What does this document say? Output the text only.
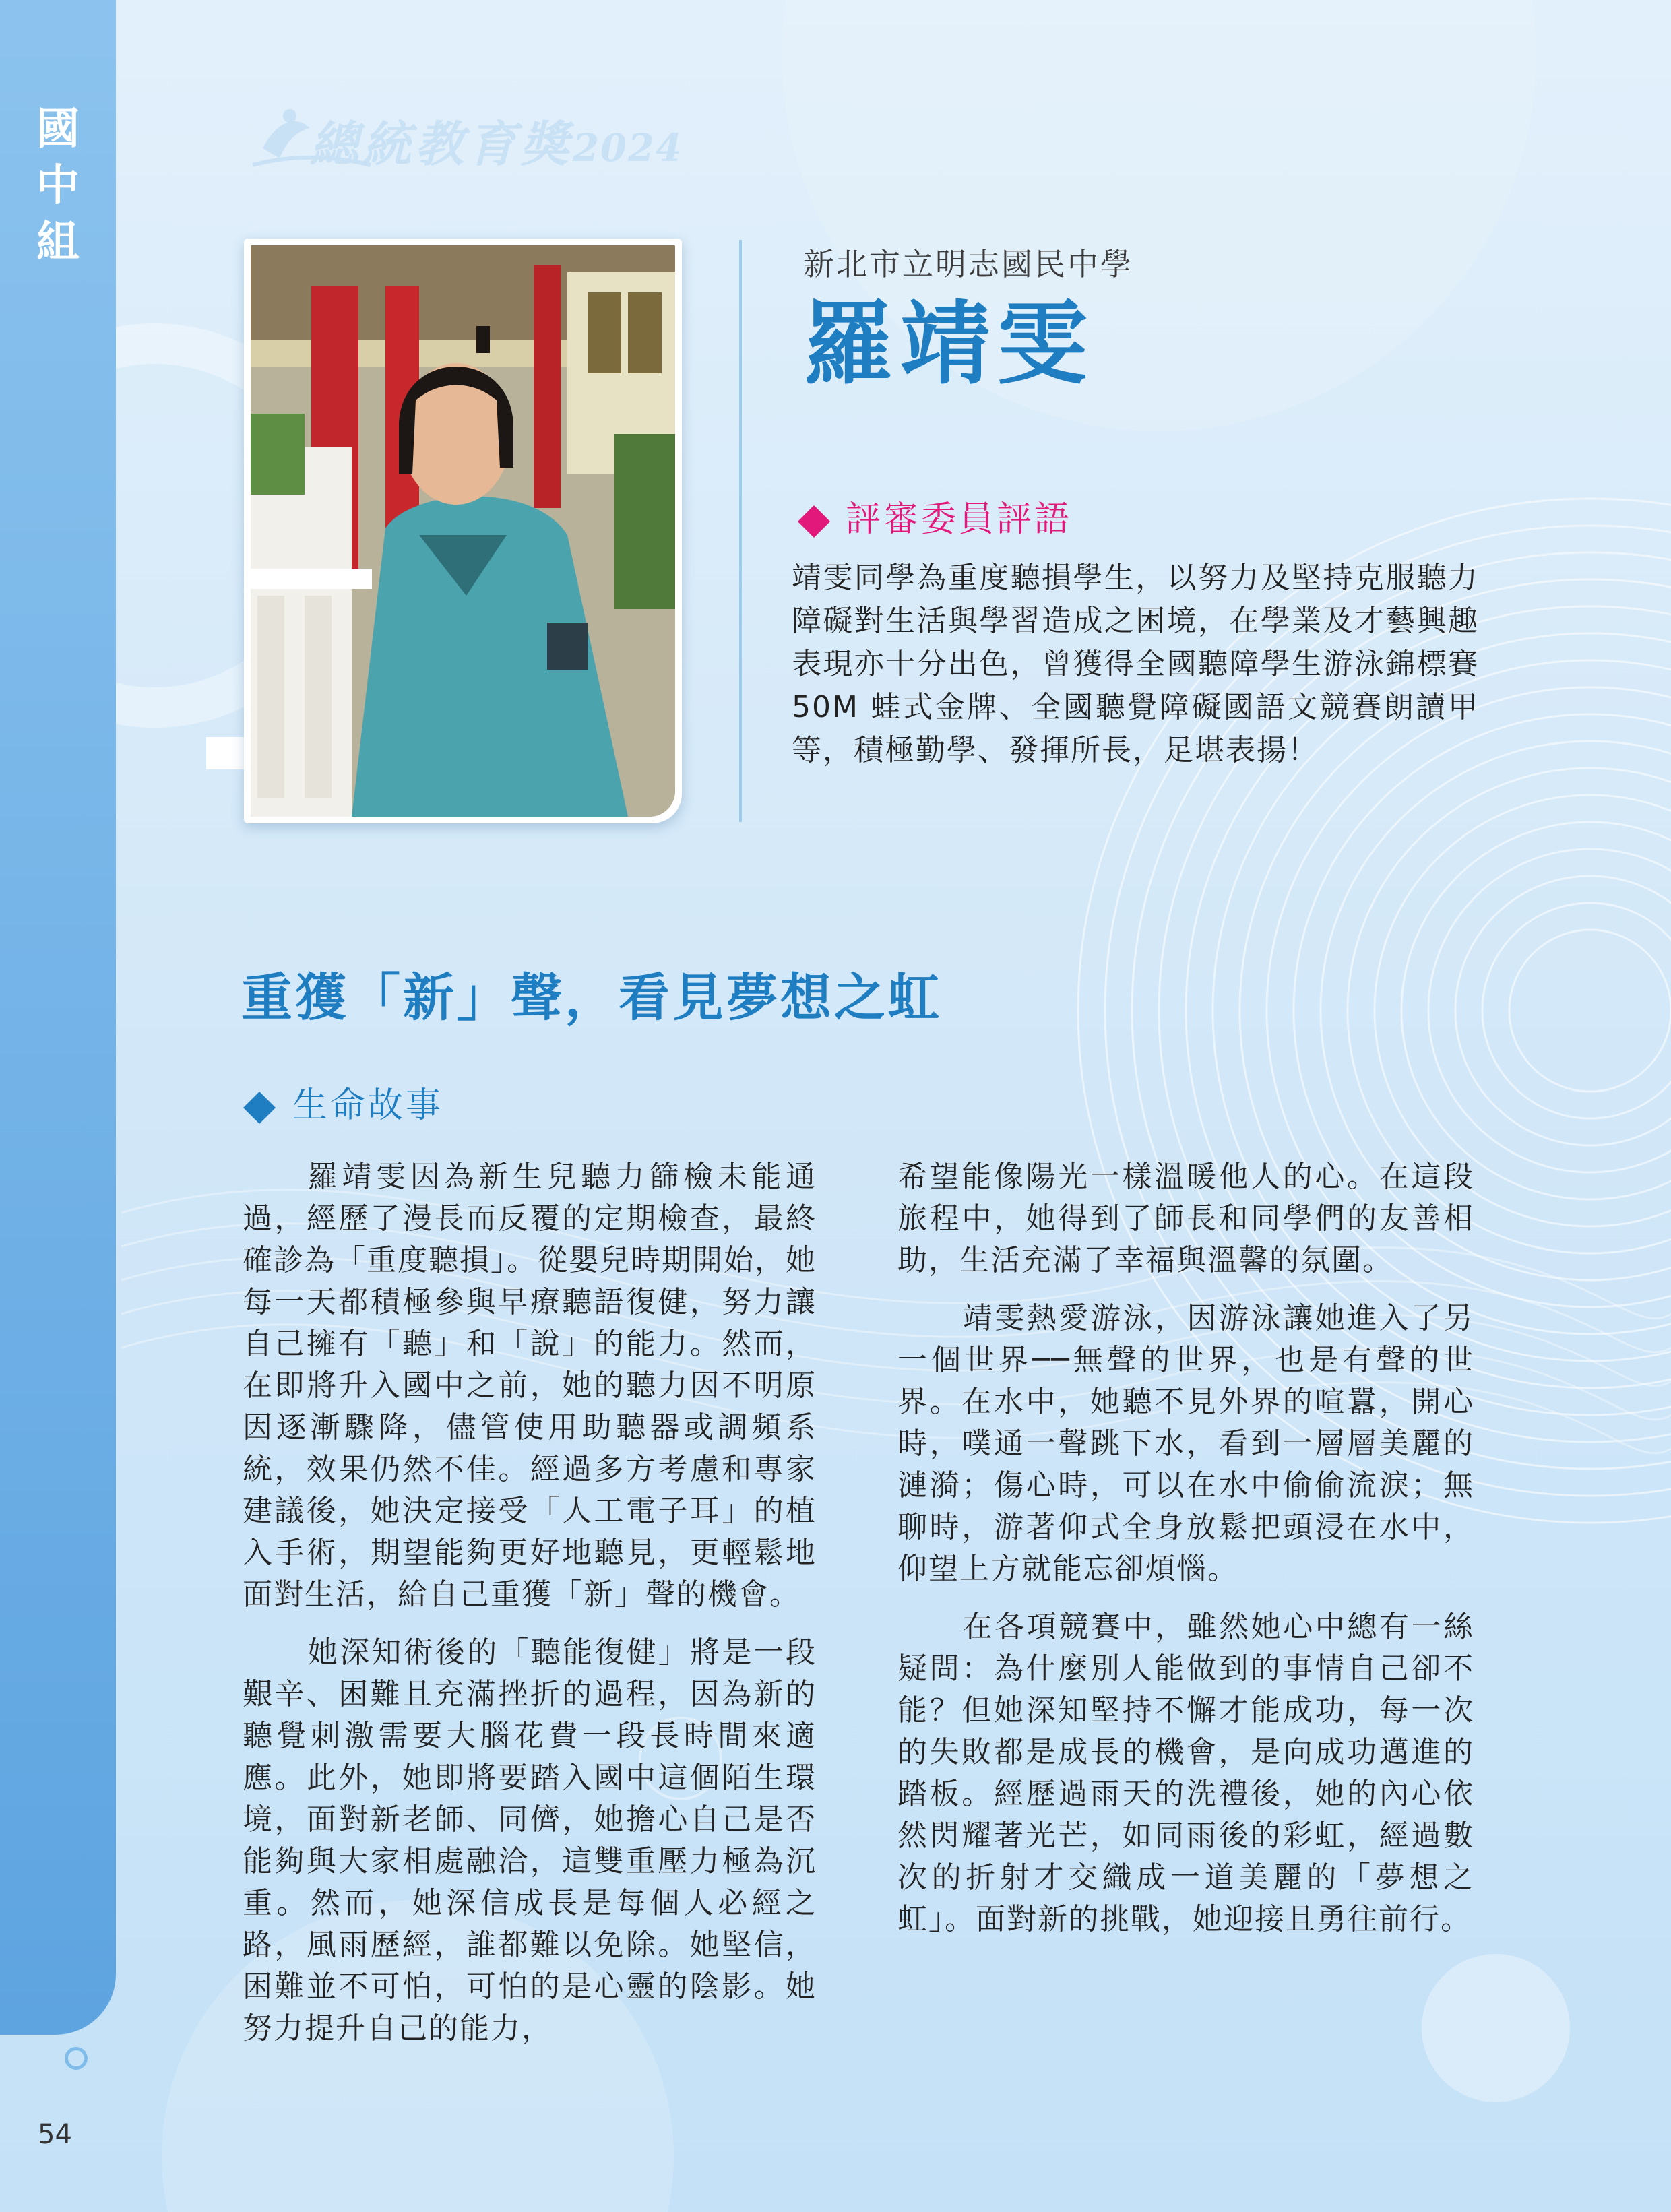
國
中
組
54
總統教育獎2024
新北市立明志國民中學
羅靖雯
評審委員評語
靖雯同學為重度聽損學生，以努力及堅持克服聽力障礙對生活與學習造成之困境，在學業及才藝興趣表現亦十分出色，曾獲得全國聽障學生游泳錦標賽 50M 蛙式金牌、全國聽覺障礙國語文競賽朗讀甲等，積極勤學、發揮所長，足堪表揚！
重獲「新」聲，看見夢想之虹
生命故事

羅靖雯因為新生兒聽力篩檢未能通過，經歷了漫長而反覆的定期檢查，最終確診為「重度聽損」。從嬰兒時期開始，她每一天都積極參與早療聽語復健，努力讓自己擁有「聽」和「說」的能力。然而，在即將升入國中之前，她的聽力因不明原因逐漸驟降，儘管使用助聽器或調頻系統，效果仍然不佳。經過多方考慮和專家建議後，她決定接受「人工電子耳」的植入手術，期望能夠更好地聽見，更輕鬆地面對生活，給自己重獲「新」聲的機會。

她深知術後的「聽能復健」將是一段艱辛、困難且充滿挫折的過程，因為新的聽覺刺激需要大腦花費一段長時間來適應。此外，她即將要踏入國中這個陌生環境，面對新老師、同儕，她擔心自己是否能夠與大家相處融洽，這雙重壓力極為沉重。然而，她深信成長是每個人必經之路，風雨歷經，誰都難以免除。她堅信，困難並不可怕，可怕的是心靈的陰影。她努力提升自己的能力，

希望能像陽光一樣溫暖他人的心。在這段旅程中，她得到了師長和同學們的友善相助，生活充滿了幸福與溫馨的氛圍。

靖雯熱愛游泳，因游泳讓她進入了另一個世界──無聲的世界，也是有聲的世界。在水中，她聽不見外界的喧囂，開心時，噗通一聲跳下水，看到一層層美麗的漣漪；傷心時，可以在水中偷偷流淚；無聊時，游著仰式全身放鬆把頭浸在水中，仰望上方就能忘卻煩惱。

在各項競賽中，雖然她心中總有一絲疑問：為什麼別人能做到的事情自己卻不能？但她深知堅持不懈才能成功，每一次的失敗都是成長的機會，是向成功邁進的踏板。經歷過雨天的洗禮後，她的內心依然閃耀著光芒，如同雨後的彩虹，經過數次的折射才交織成一道美麗的「夢想之虹」。面對新的挑戰，她迎接且勇往前行。
